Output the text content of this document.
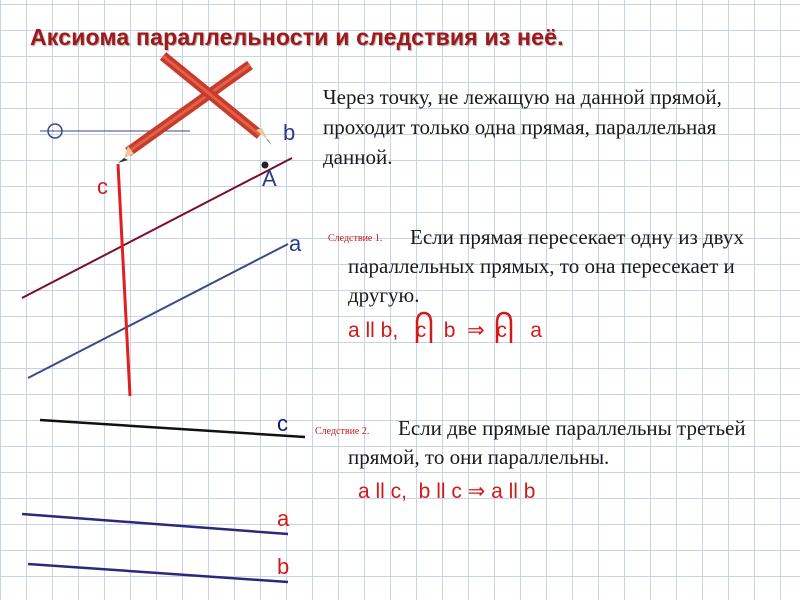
Аксиома параллельности и следствия из неё.
b
c	A
a
c
a
b
Через точку, не лежащую на данной прямой, проходит только одна прямая, параллельная данной.
Следствие 1.	Если прямая пересекает одну из двух параллельных прямых, то она пересекает и другую.
a ll b, c b ⇒ c a
Следствие 2.	Если две прямые параллельны третьей прямой, то они параллельны.
a ll c,  b ll c ⇒ a ll b
